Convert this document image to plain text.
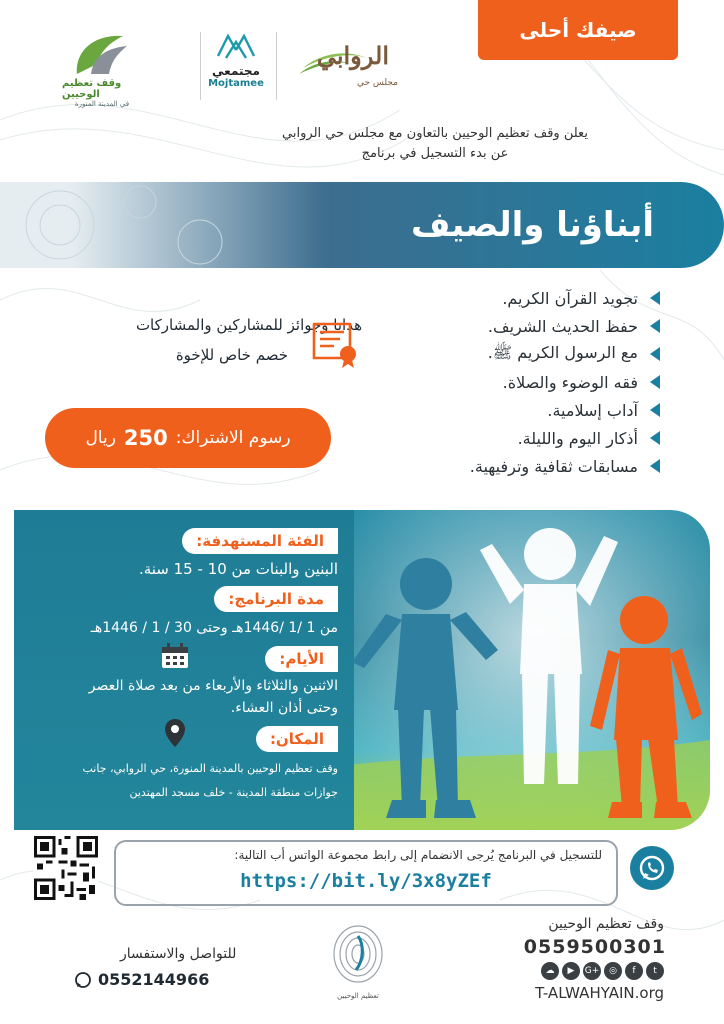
صيفك أحلى
وقف تعظيم الوحيين
في المدينة المنورة
مجتمعي
Mojtamee
الروابي
مجلس حي
يعلن وقف تعظيم الوحيين بالتعاون مع مجلس حي الروابي
عن بدء التسجيل في برنامج
أبناؤنا والصيف
تجويد القرآن الكريم.
حفظ الحديث الشريف.
مع الرسول الكريم ﷺ.
فقه الوضوء والصلاة.
آداب إسلامية.
أذكار اليوم والليلة.
مسابقات ثقافية وترفيهية.
هدايا وجوائز للمشاركين والمشاركات
خصم خاص للإخوة
رسوم الاشتراك:
250
ريال
الفئة المستهدفة:
البنين والبنات من 10 - 15 سنة.
مدة البرنامج:
من 1 /1 /1446هـ وحتى 30 / 1 / 1446هـ
الأيام:
الاثنين والثلاثاء والأربعاء من بعد صلاة العصر
وحتى أذان العشاء.
المكان:
وقف تعظيم الوحيين بالمدينة المنورة، حي الروابي، جانب
جوازات منطقة المدينة - خلف مسجد المهتدين
للتسجيل في البرنامج يُرجى الانضمام إلى رابط مجموعة الواتس أب التالية:
https://bit.ly/3x8yZEf
للتواصل والاستفسار
0552144966
تعظيم الوحيين
وقف تعظيم الوحيين
0559500301
☁	▶	G+	◎	f	t
T-ALWAHYAIN.org
